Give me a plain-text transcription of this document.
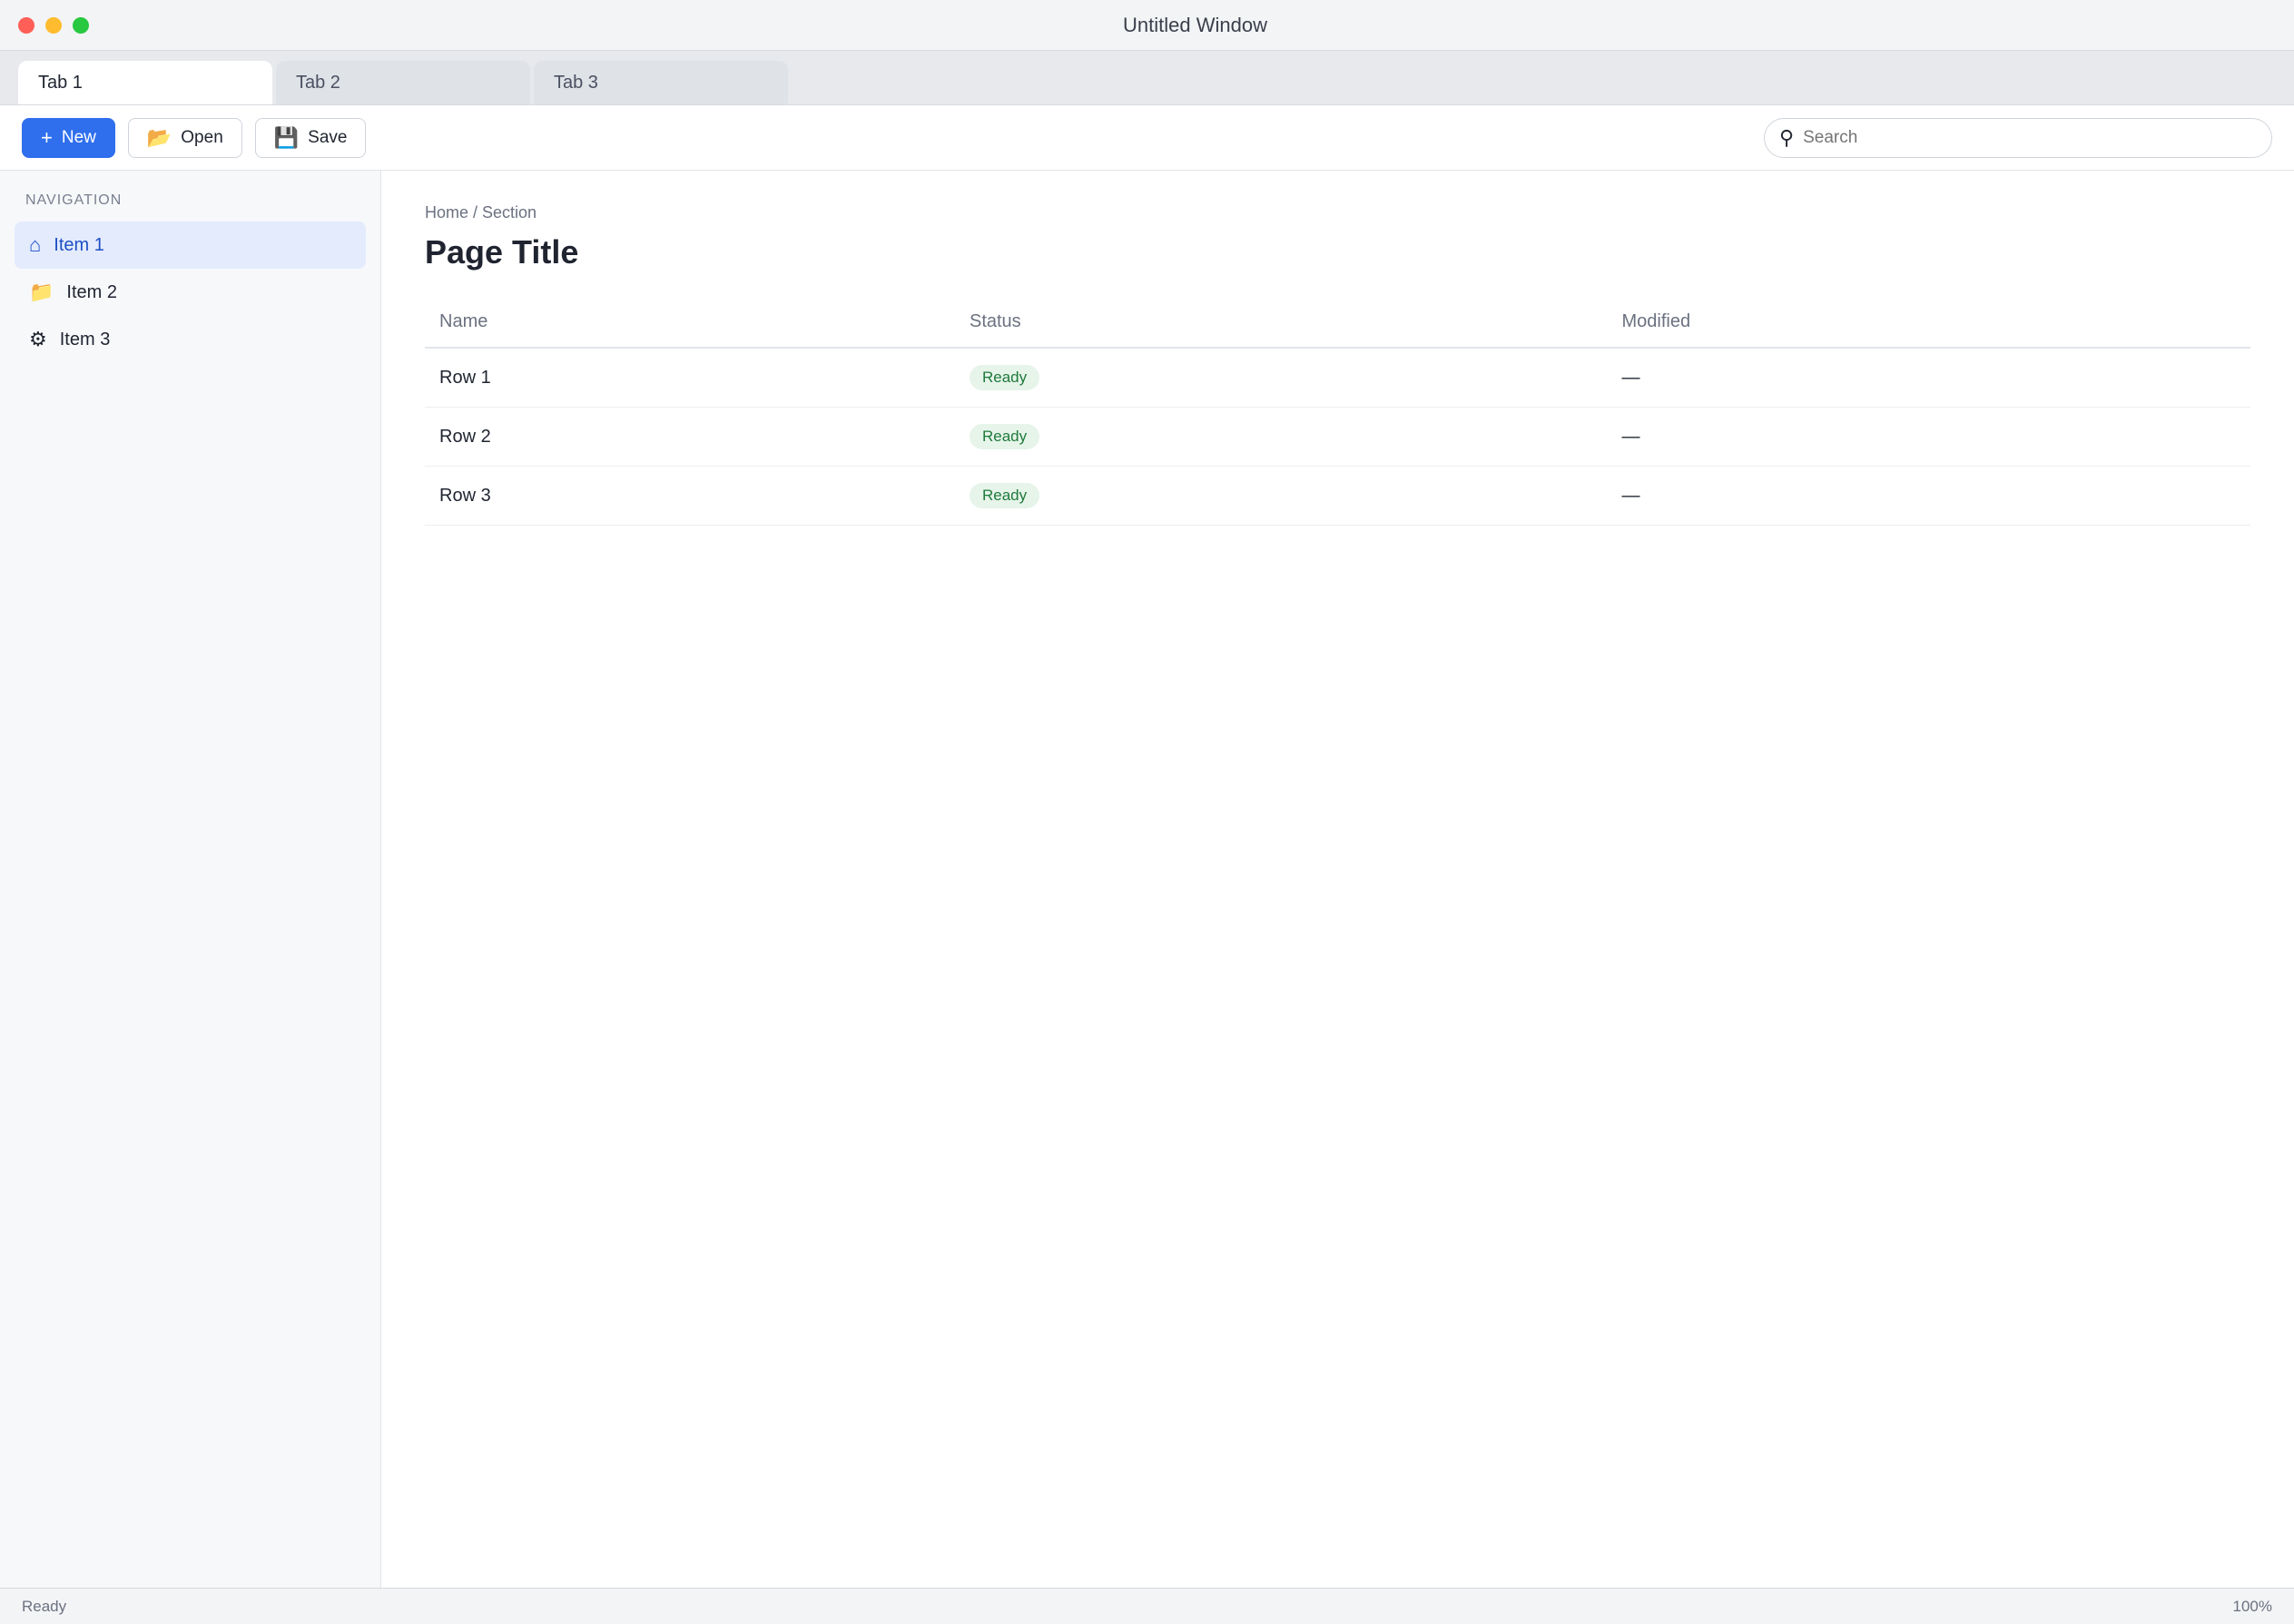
Untitled Window
Tab 1	Tab 2	Tab 3
+ New	📂 Open	💾 Save	⚲
Search
NAVIGATION
⌂ Item 1
📁 Item 2
⚙ Item 3
Home / Section
Page Title
Name	Status	Modified
Row 1	Ready	—
Row 2	Ready	—
Row 3	Ready	—
Ready	100%
